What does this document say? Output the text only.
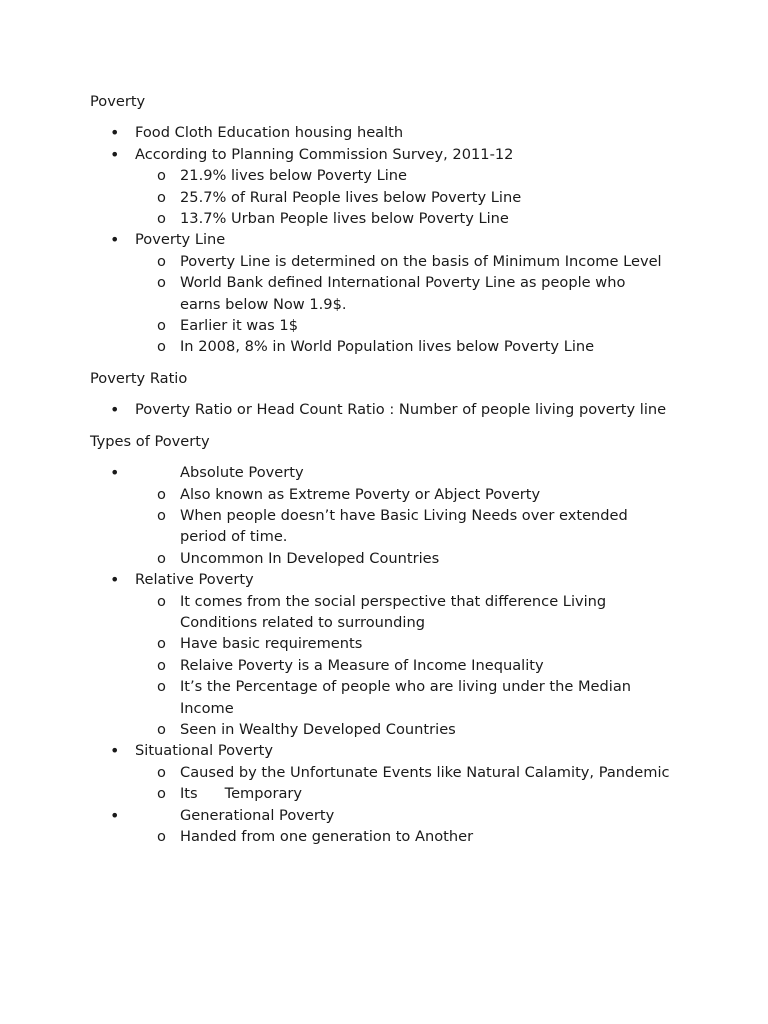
Poverty
•	Food Cloth Education housing health
•	According to Planning Commission Survey, 2011-12
o 21.9% lives below Poverty Line
o 25.7% of Rural People lives below Poverty Line
o 13.7% Urban People lives below Poverty Line
•	Poverty Line
o Poverty Line is determined on the basis of Minimum Income Level
o World Bank defined International Poverty Line as people who earns below Now 1.9$.
o Earlier it was 1$
o In 2008, 8% in World Population lives below Poverty Line
Poverty Ratio
•	Poverty Ratio or Head Count Ratio : Number of people living poverty line
Types of Poverty
•	Absolute Poverty
o Also known as Extreme Poverty or Abject Poverty
o When people doesn’t have Basic Living Needs over extended period of time.
o Uncommon In Developed Countries
•	Relative Poverty
o It comes from the social perspective that difference Living Conditions related to surrounding
o Have basic requirements
o Relaive Poverty is a Measure of Income Inequality
o It’s the Percentage of people who are living under the Median Income
o Seen in Wealthy Developed Countries
•	Situational Poverty
o Caused by the Unfortunate Events like Natural Calamity, Pandemic
o Its Temporary
•	Generational Poverty
o Handed from one generation to Another
